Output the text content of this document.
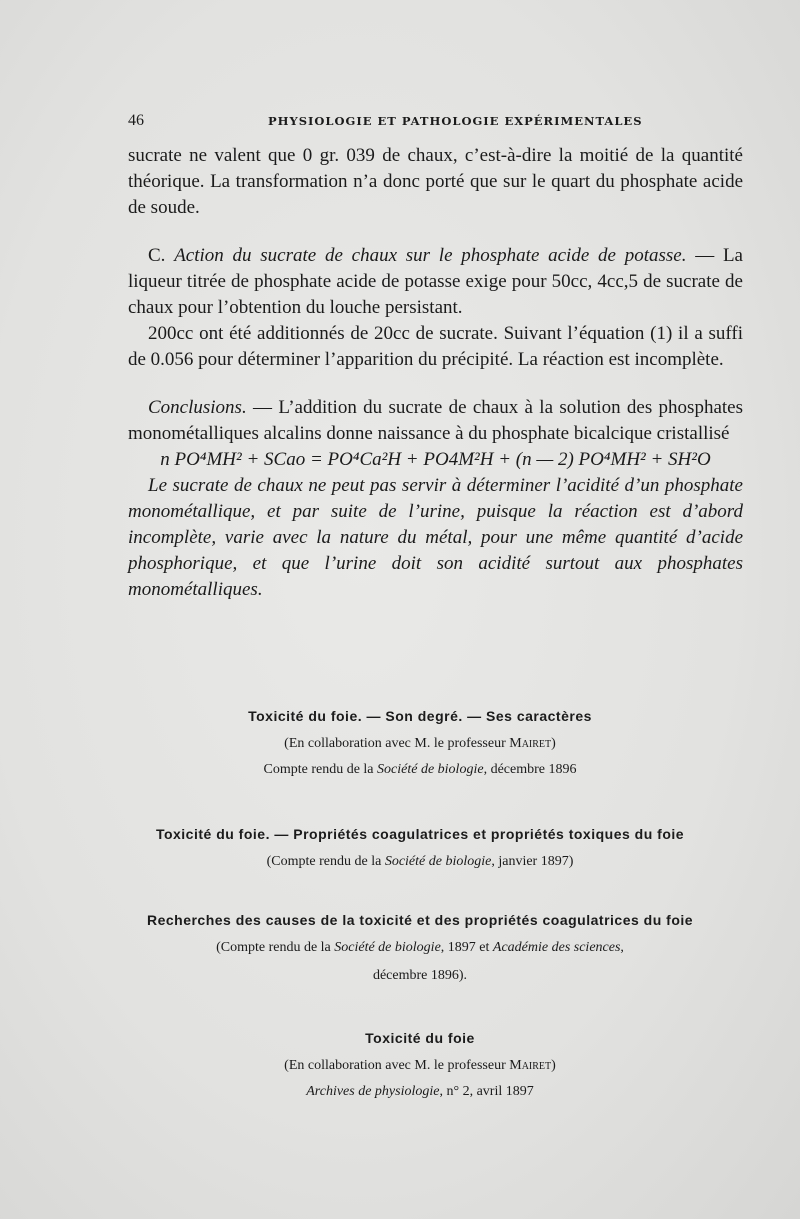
46	PHYSIOLOGIE ET PATHOLOGIE EXPÉRIMENTALES

sucrate ne valent que 0 gr. 039 de chaux, c’est-à-dire la moitié de la quantité théorique. La transformation n’a donc porté que sur le quart du phosphate acide de soude.

C. Action du sucrate de chaux sur le phosphate acide de potasse. — La liqueur titrée de phosphate acide de potasse exige pour 50cc, 4cc,5 de sucrate de chaux pour l’obtention du louche persistant.

200cc ont été additionnés de 20cc de sucrate. Suivant l’équation (1) il a suffi de 0.056 pour déterminer l’apparition du précipité. La réaction est incomplète.

Conclusions. — L’addition du sucrate de chaux à la solution des phosphates monométalliques alcalins donne naissance à du phosphate bicalcique cristallisé

n PO⁴MH² + SCao = PO⁴Ca²H + PO4M²H + (n — 2) PO⁴MH² + SH²O

Le sucrate de chaux ne peut pas servir à déterminer l’acidité d’un phosphate monométallique, et par suite de l’urine, puisque la réaction est d’abord incomplète, varie avec la nature du métal, pour une même quantité d’acide phosphorique, et que l’urine doit son acidité surtout aux phosphates monométalliques.

Toxicité du foie. — Son degré. — Ses caractères
(En collaboration avec M. le professeur Mairet)
Compte rendu de la Société de biologie, décembre 1896
Toxicité du foie. — Propriétés coagulatrices et propriétés toxiques du foie
(Compte rendu de la Société de biologie, janvier 1897)
Recherches des causes de la toxicité et des propriétés coagulatrices du foie
(Compte rendu de la Société de biologie, 1897 et Académie des sciences,
décembre 1896).
Toxicité du foie
(En collaboration avec M. le professeur Mairet)
Archives de physiologie, n° 2, avril 1897
